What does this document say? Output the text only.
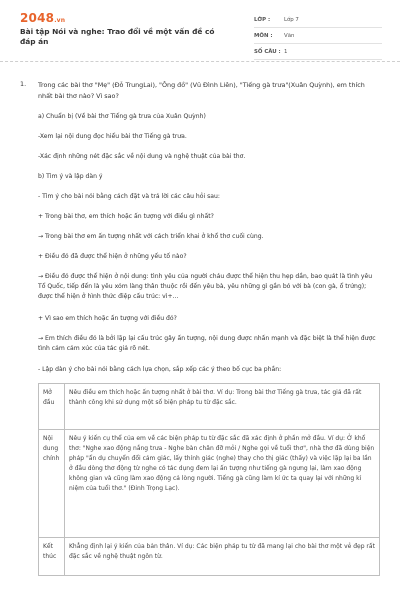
2048.vn
Bài tập Nói và nghe: Trao đổi về một vấn đề có đáp án
LỚP :	Lớp 7
MÔN :	Văn
SỐ CÂU : 1
1. Trong các bài thơ "Mẹ" (Đỗ TrungLai), "Ông đồ" (Vũ Đình Liên), "Tiếng gà trưa"(Xuân Quỳnh), em thích nhất bài thơ nào? Vì sao?
a) Chuẩn bị (Về bài thơ Tiếng gà trưa của Xuân Quỳnh)
-Xem lại nội dung đọc hiểu bài thơ Tiếng gà trưa.
-Xác định những nét đặc sắc về nội dung và nghệ thuật của bài thơ.
b) Tìm ý và lập dàn ý
- Tìm ý cho bài nói bằng cách đặt và trả lời các câu hỏi sau:
+ Trong bài thơ, em thích hoặc ấn tượng với điều gì nhất?
→ Trong bài thơ em ấn tượng nhất với cách triển khai ở khổ thơ cuối cùng.
+ Điều đó đã được thể hiện ở những yếu tố nào?
→ Điều đó được thể hiện ở nội dung: tình yêu của người cháu được thể hiện thu hẹp dần, bao quát là tình yêu Tổ Quốc, tiếp đến là yêu xóm làng thân thuộc rồi đến yêu bà, yêu những gì gần bó với bà (con gà, ổ trứng); được thể hiện ở hình thức điệp cấu trúc: vì+...
+ Vì sao em thích hoặc ấn tượng với điều đó?
→ Em thích điều đó là bởi lặp lại cấu trúc gây ấn tượng, nội dung được nhấn mạnh và đặc biệt là thể hiện được tình cảm cảm xúc của tác giả rõ nét.
- Lập dàn ý cho bài nói bằng cách lựa chọn, sắp xếp các ý theo bố cục ba phần:
Mở đầu	Nêu điều em thích hoặc ấn tượng nhất ở bài thơ. Ví dụ: Trong bài thơ Tiếng gà trưa, tác giả đã rất thành công khi sử dụng một số biện pháp tu từ đặc sắc.
Nội dung chính	Nêu ý kiến cụ thể của em về các biện pháp tu từ đặc sắc đã xác định ở phần mở đầu. Ví dụ: Ở khổ thơ: "Nghe xao động nắng trưa - Nghe bàn chân đỡ mỏi / Nghe gọi về tuổi thơ", nhà thơ đã dùng biện pháp "ẩn dụ chuyển đổi cảm giác, lấy thính giác (nghe) thay cho thị giác (thấy) và việc lặp lại ba lần ở đầu dòng thơ động từ nghe có tác dụng đem lại ấn tượng như tiếng gà ngưng lại, làm xao động không gian và cũng làm xao động cả lòng người. Tiếng gà cũng làm kí ức ta quay lại với những kỉ niệm của tuổi thơ." (Đinh Trọng Lạc).
Kết thúc	Khẳng định lại ý kiến của bản thân. Ví dụ: Các biện pháp tu từ đã mang lại cho bài thơ một vẻ đẹp rất đặc sắc về nghệ thuật ngôn từ.
